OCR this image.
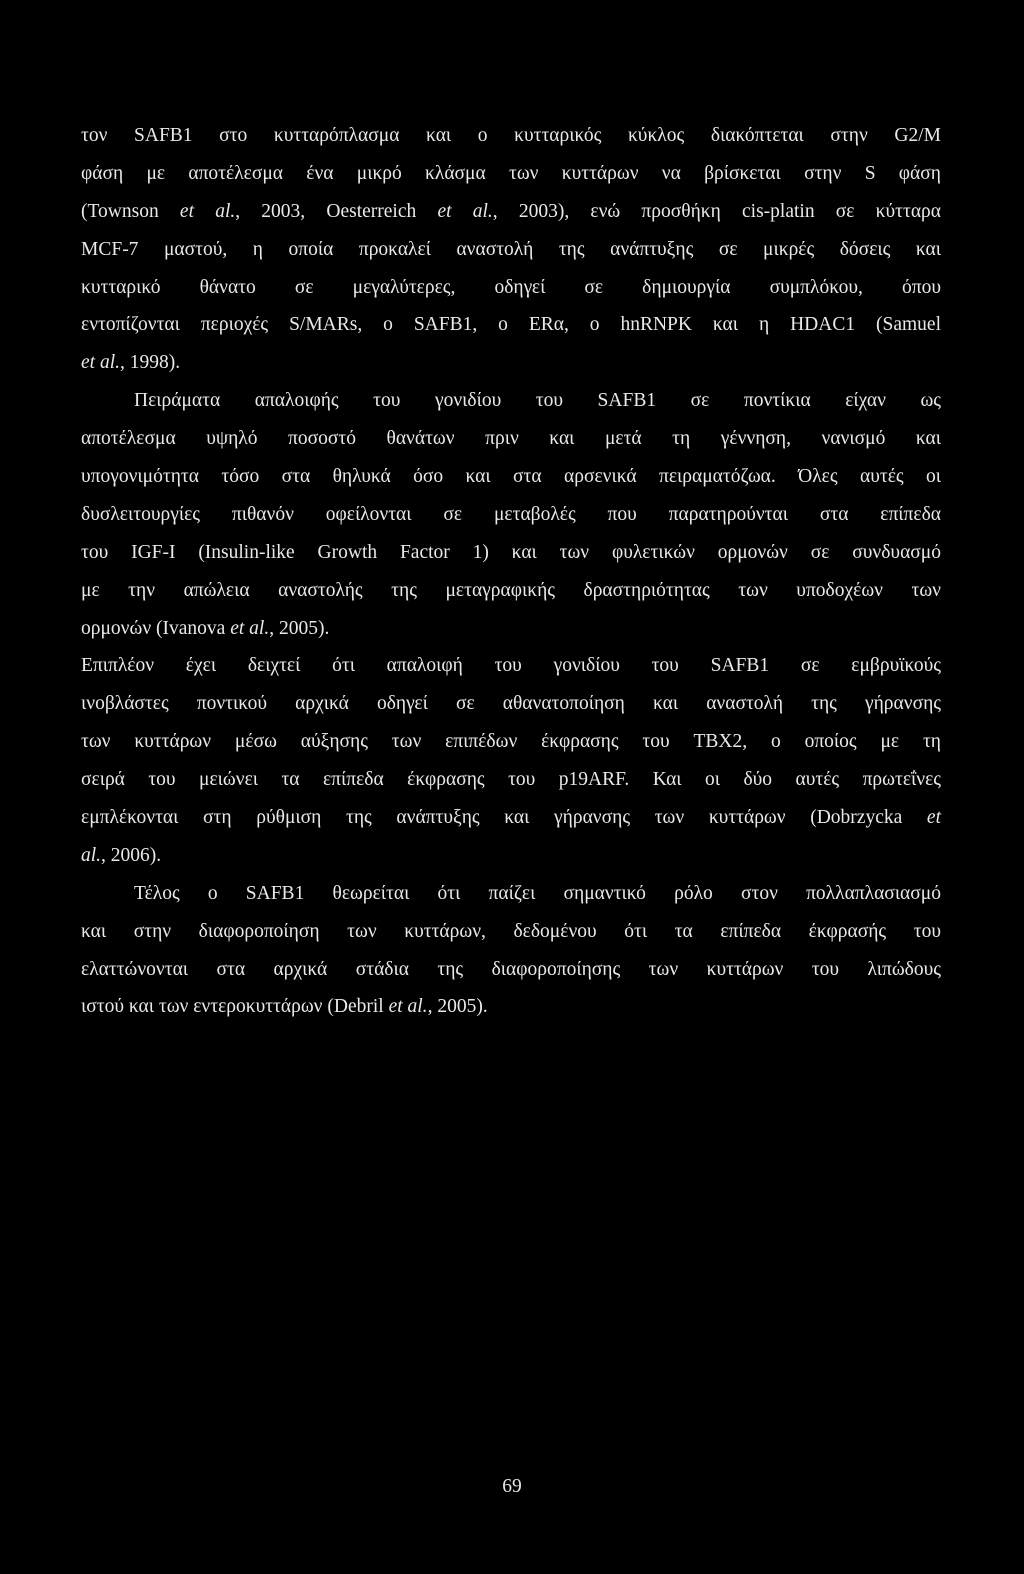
τον SAFB1 στο κυτταρόπλασμα και ο κυτταρικός κύκλος διακόπτεται στην G2/M
φάση με αποτέλεσμα ένα μικρό κλάσμα των κυττάρων να βρίσκεται στην S φάση
(Townson et al., 2003, Oesterreich et al., 2003), ενώ προσθήκη cis-platin σε κύτταρα
MCF-7 μαστού, η οποία προκαλεί αναστολή της ανάπτυξης σε μικρές δόσεις και
κυτταρικό θάνατο σε μεγαλύτερες, οδηγεί σε δημιουργία συμπλόκου, όπου
εντοπίζονται περιοχές S/MARs, ο SAFB1, ο ERα, ο hnRNPK και η HDAC1 (Samuel
et al., 1998).
Πειράματα απαλοιφής του γονιδίου του SAFB1 σε ποντίκια είχαν ως
αποτέλεσμα υψηλό ποσοστό θανάτων πριν και μετά τη γέννηση, νανισμό και
υπογονιμότητα τόσο στα θηλυκά όσο και στα αρσενικά πειραματόζωα. Όλες αυτές οι
δυσλειτουργίες πιθανόν οφείλονται σε μεταβολές που παρατηρούνται στα επίπεδα
του IGF-I (Insulin-like Growth Factor 1) και των φυλετικών ορμονών σε συνδυασμό
με την απώλεια αναστολής της μεταγραφικής δραστηριότητας των υποδοχέων των
ορμονών (Ivanova et al., 2005).
Επιπλέον έχει δειχτεί ότι απαλοιφή του γονιδίου του SAFB1 σε εμβρυϊκούς
ινοβλάστες ποντικού αρχικά οδηγεί σε αθανατοποίηση και αναστολή της γήρανσης
των κυττάρων μέσω αύξησης των επιπέδων έκφρασης του TBX2, ο οποίος με τη
σειρά του μειώνει τα επίπεδα έκφρασης του p19ARF. Και οι δύο αυτές πρωτεΐνες
εμπλέκονται στη ρύθμιση της ανάπτυξης και γήρανσης των κυττάρων (Dobrzycka et
al., 2006).
Τέλος ο SAFB1 θεωρείται ότι παίζει σημαντικό ρόλο στον πολλαπλασιασμό
και στην διαφοροποίηση των κυττάρων, δεδομένου ότι τα επίπεδα έκφρασής του
ελαττώνονται στα αρχικά στάδια της διαφοροποίησης των κυττάρων του λιπώδους
ιστού και των εντεροκυττάρων (Debril et al., 2005).
69
